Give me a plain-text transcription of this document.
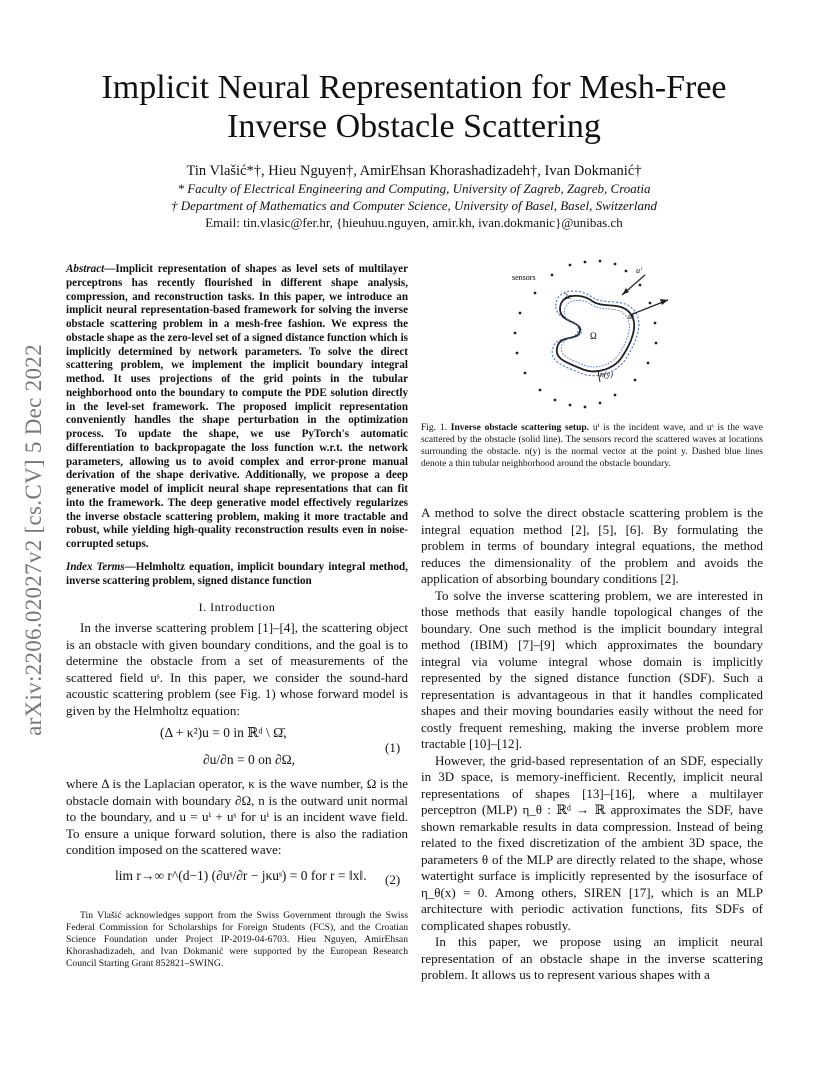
arXiv:2206.02027v2 [cs.CV] 5 Dec 2022
Implicit Neural Representation for Mesh-Free
Inverse Obstacle Scattering
Tin Vlašić*†, Hieu Nguyen†, AmirEhsan Khorashadizadeh†, Ivan Dokmanić†
* Faculty of Electrical Engineering and Computing, University of Zagreb, Zagreb, Croatia
† Department of Mathematics and Computer Science, University of Basel, Basel, Switzerland
Email: tin.vlasic@fer.hr, {hieuhuu.nguyen, amir.kh, ivan.dokmanic}@unibas.ch
Abstract—Implicit representation of shapes as level sets of multilayer perceptrons has recently flourished in different shape analysis, compression, and reconstruction tasks. In this paper, we introduce an implicit neural representation-based framework for solving the inverse obstacle scattering problem in a mesh-free fashion. We express the obstacle shape as the zero-level set of a signed distance function which is implicitly determined by network parameters. To solve the direct scattering problem, we implement the implicit boundary integral method. It uses projections of the grid points in the tubular neighborhood onto the boundary to compute the PDE solution directly in the level-set framework. The proposed implicit representation conveniently handles the shape perturbation in the optimization process. To update the shape, we use PyTorch's automatic differentiation to backpropagate the loss function w.r.t. the network parameters, allowing us to avoid complex and error-prone manual derivation of the shape derivative. Additionally, we propose a deep generative model of implicit neural shape representations that can fit into the framework. The deep generative model effectively regularizes the inverse obstacle scattering problem, making it more tractable and robust, while yielding high-quality reconstruction results even in noise-corrupted setups.
Index Terms—Helmholtz equation, implicit boundary integral method, inverse scattering problem, signed distance function
I. Introduction

In the inverse scattering problem [1]–[4], the scattering object is an obstacle with given boundary conditions, and the goal is to determine the obstacle from a set of measurements of the scattered field uˢ. In this paper, we consider the sound-hard acoustic scattering problem (see Fig. 1) whose forward model is given by the Helmholtz equation:

(Δ + κ²)u = 0 in ℝᵈ \ Ω̄,
∂u/∂n = 0 on ∂Ω,
(1)

where Δ is the Laplacian operator, κ is the wave number, Ω is the obstacle domain with boundary ∂Ω, n is the outward unit normal to the boundary, and u = uⁱ + uˢ for uⁱ is an incident wave field. To ensure a unique forward solution, there is also the radiation condition imposed on the scattered wave:

lim r→∞ r^(d−1) (∂uˢ/∂r − jκuˢ) = 0 for r = ‖x‖. (2)

Tin Vlašić acknowledges support from the Swiss Government through the Swiss Federal Commission for Scholarships for Foreign Students (FCS), and the Croatian Science Foundation under Project IP-2019-04-6703. Hieu Nguyen, AmirEhsan Khorashadizadeh, and Ivan Dokmanić were supported by the European Research Council Starting Grant 852821–SWING.

sensors
2ε
Ω
uⁱ
uˢ
n(y)
Fig. 1. Inverse obstacle scattering setup. uⁱ is the incident wave, and uˢ is the wave scattered by the obstacle (solid line). The sensors record the scattered waves at locations surrounding the obstacle. n(y) is the normal vector at the point y. Dashed blue lines denote a thin tubular neighborhood around the obstacle boundary.

A method to solve the direct obstacle scattering problem is the integral equation method [2], [5], [6]. By formulating the problem in terms of boundary integral equations, the method reduces the dimensionality of the problem and avoids the application of absorbing boundary conditions [2].

To solve the inverse scattering problem, we are interested in those methods that easily handle topological changes of the boundary. One such method is the implicit boundary integral method (IBIM) [7]–[9] which approximates the boundary integral via volume integral whose domain is implicitly represented by the signed distance function (SDF). Such a representation is advantageous in that it handles complicated shapes and their moving boundaries easily without the need for costly frequent remeshing, making the inverse problem more tractable [10]–[12].

However, the grid-based representation of an SDF, especially in 3D space, is memory-inefficient. Recently, implicit neural representations of shapes [13]–[16], where a multilayer perceptron (MLP) η_θ : ℝᵈ → ℝ approximates the SDF, have shown remarkable results in data compression. Instead of being related to the fixed discretization of the ambient 3D space, the parameters θ of the MLP are directly related to the shape, whose watertight surface is implicitly represented by the isosurface of η_θ(x) = 0. Among others, SIREN [17], which is an MLP architecture with periodic activation functions, fits SDFs of complicated shapes robustly.

In this paper, we propose using an implicit neural representation of an obstacle shape in the inverse scattering problem. It allows us to represent various shapes with a
